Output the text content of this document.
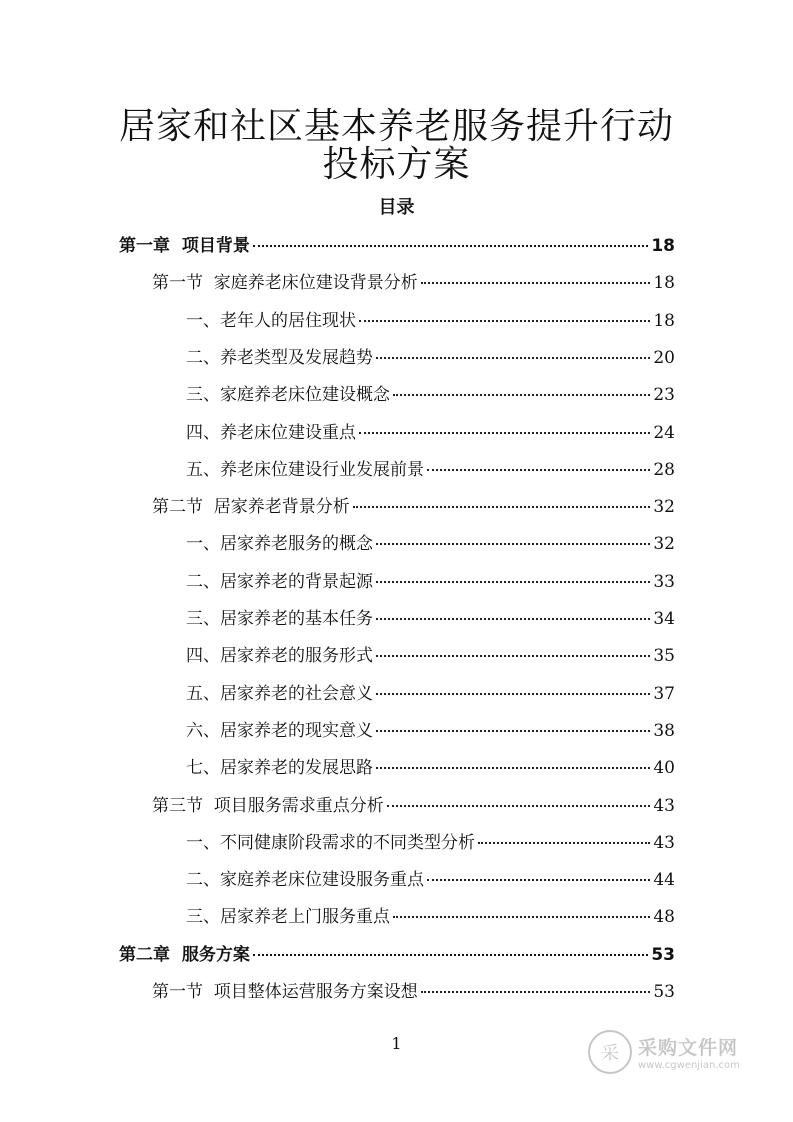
居家和社区基本养老服务提升行动
投标方案
目录
第一章  项目背景	18
第一节  家庭养老床位建设背景分析	18
一、老年人的居住现状	18
二、养老类型及发展趋势	20
三、家庭养老床位建设概念	23
四、养老床位建设重点	24
五、养老床位建设行业发展前景	28
第二节  居家养老背景分析	32
一、居家养老服务的概念	32
二、居家养老的背景起源	33
三、居家养老的基本任务	34
四、居家养老的服务形式	35
五、居家养老的社会意义	37
六、居家养老的现实意义	38
七、居家养老的发展思路	40
第三节  项目服务需求重点分析	43
一、不同健康阶段需求的不同类型分析	43
二、家庭养老床位建设服务重点	44
三、居家养老上门服务重点	48
第二章  服务方案	53
第一节  项目整体运营服务方案设想	53
1	采	采购文件网
www.cgwenjian.com
